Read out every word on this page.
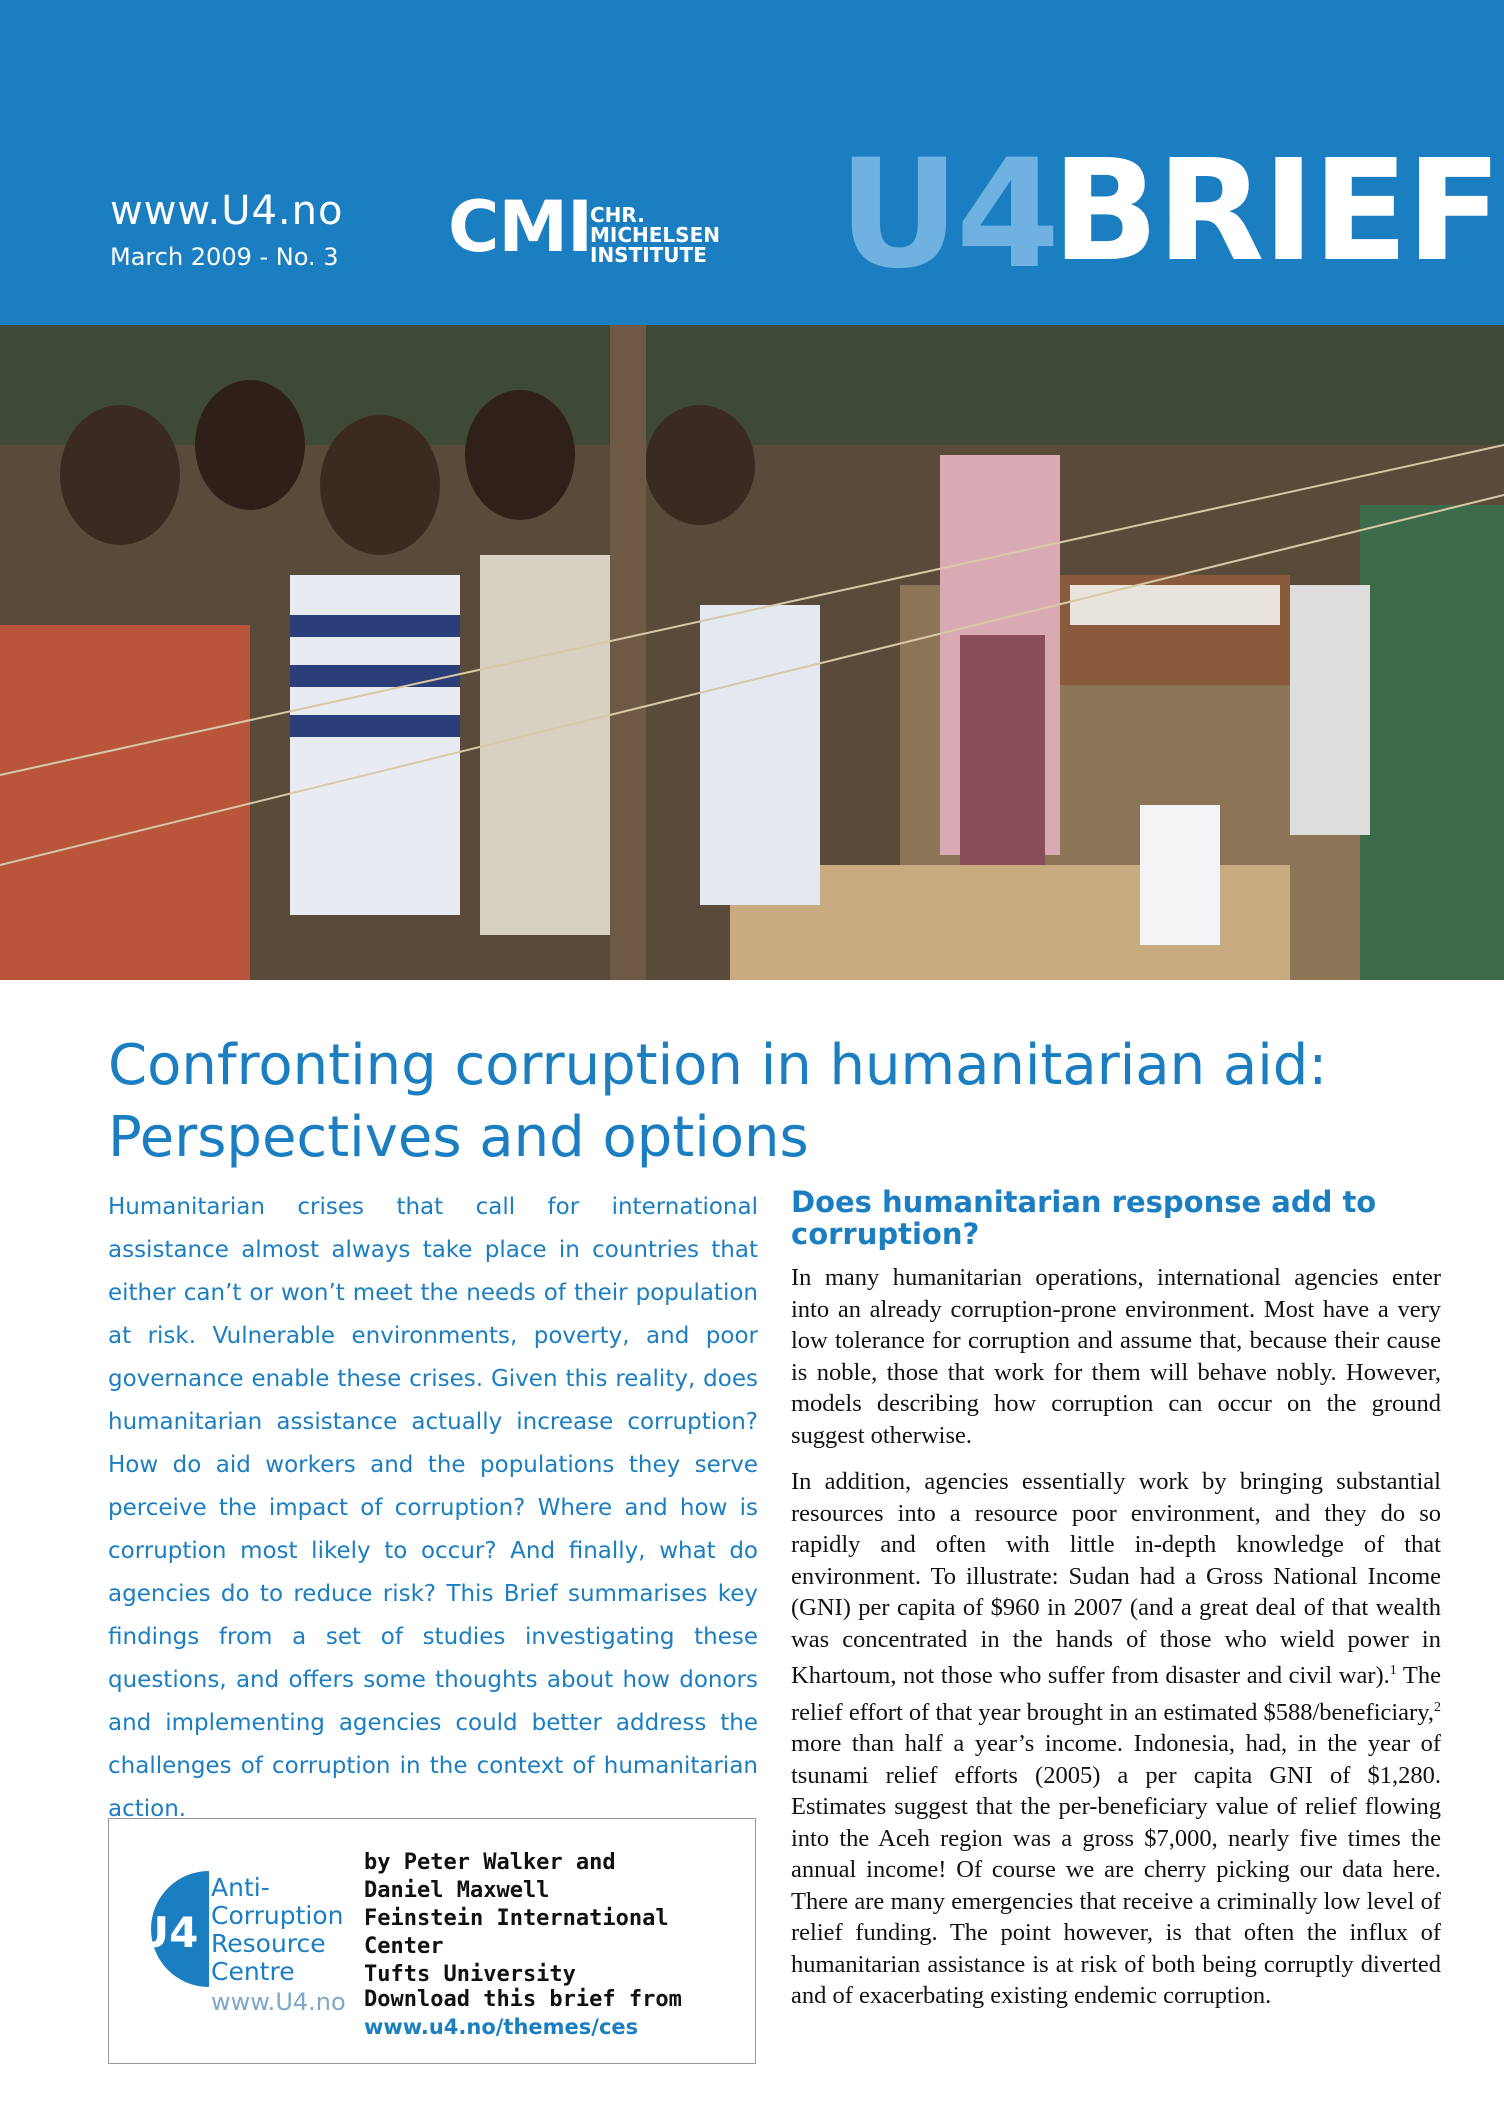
www.U4.no
March 2009 - No. 3 CMI
CHR.
MICHELSEN
INSTITUTE U4
BRIEF
Confronting corruption in humanitarian aid:
Perspectives and options
Humanitarian crises that call for international assistance almost always take place in countries that either can’t or won’t meet the needs of their population at risk. Vulnerable environments, poverty, and poor governance enable these crises. Given this reality, does humanitarian assistance actually increase corruption? How do aid workers and the populations they serve perceive the impact of corruption? Where and how is corruption most likely to occur? And finally, what do agencies do to reduce risk? This Brief summarises key findings from a set of studies investigating these questions, and offers some thoughts about how donors and implementing agencies could better address the challenges of corruption in the context of humanitarian action.
U4
Anti-
Corruption
Resource
Centre
www.U4.no
by Peter Walker and
Daniel Maxwell
Feinstein International Center
Tufts University
Download this brief from
www.u4.no/themes/ces
Does humanitarian response add to corruption?

In many humanitarian operations, international agencies enter into an already corruption-prone environment. Most have a very low tolerance for corruption and assume that, because their cause is noble, those that work for them will behave nobly. However, models describing how corruption can occur on the ground suggest otherwise.

In addition, agencies essentially work by bringing substantial resources into a resource poor environment, and they do so rapidly and often with little in-depth knowledge of that environment. To illustrate: Sudan had a Gross National Income (GNI) per capita of $960 in 2007 (and a great deal of that wealth was concentrated in the hands of those who wield power in Khartoum, not those who suffer from disaster and civil war).$^1$ The relief effort of that year brought in an estimated $588/beneficiary,$^2$ more than half a year’s income. Indonesia, had, in the year of tsunami relief efforts (2005) a per capita GNI of $1,280. Estimates suggest that the per-beneficiary value of relief flowing into the Aceh region was a gross $7,000, nearly five times the annual income! Of course we are cherry picking our data here. There are many emergencies that receive a criminally low level of relief funding. The point however, is that often the influx of humanitarian assistance is at risk of both being corruptly diverted and of exacerbating existing endemic corruption.
